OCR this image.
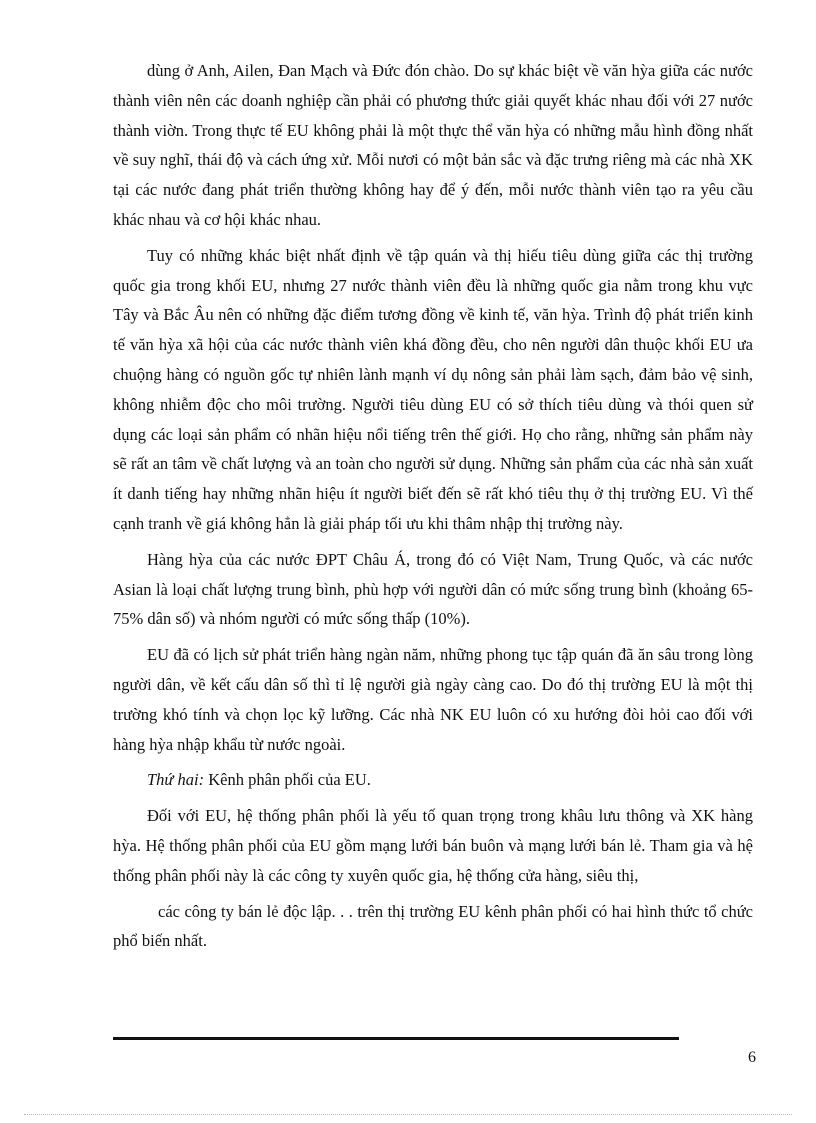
dùng ở Anh, Ailen, Đan Mạch và Đức đón chào. Do sự khác biệt về văn hỳa giữa các nước thành viên nên các doanh nghiệp cần phải có phương thức giải quyết khác nhau đối với 27 nước thành viờn. Trong thực tế EU không phải là một thực thể văn hỳa có những mẫu hình đồng nhất về suy nghĩ, thái độ và cách ứng xử. Mỗi nươi có một bản sắc và đặc trưng riêng mà các nhà XK tại các nước đang phát triển thường không hay để ý đến, mỗi nước thành viên tạo ra yêu cầu khác nhau và cơ hội khác nhau.

Tuy có những khác biệt nhất định về tập quán và thị hiếu tiêu dùng giữa các thị trường quốc gia trong khối EU, nhưng 27 nước thành viên đều là những quốc gia nằm trong khu vực Tây và Bắc Âu nên có những đặc điểm tương đồng về kinh tế, văn hỳa. Trình độ phát triển kinh tế văn hỳa xã hội của các nước thành viên khá đồng đều, cho nên người dân thuộc khối EU ưa chuộng hàng có nguồn gốc tự nhiên lành mạnh ví dụ nông sản phải làm sạch, đảm bảo vệ sinh, không nhiễm độc cho môi trường. Người tiêu dùng EU có sở thích tiêu dùng và thói quen sử dụng các loại sản phẩm có nhãn hiệu nổi tiếng trên thế giới. Họ cho rằng, những sản phẩm này sẽ rất an tâm về chất lượng và an toàn cho người sử dụng. Những sản phẩm của các nhà sản xuất ít danh tiếng hay những nhãn hiệu ít người biết đến sẽ rất khó tiêu thụ ở thị trường EU. Vì thế cạnh tranh về giá không hẳn là giải pháp tối ưu khi thâm nhập thị trường này.

Hàng hỳa của các nước ĐPT Châu Á, trong đó có Việt Nam, Trung Quốc, và các nước Asian là loại chất lượng trung bình, phù hợp với người dân có mức sống trung bình (khoảng 65-75% dân số) và nhóm người có mức sống thấp (10%).

EU đã có lịch sử phát triển hàng ngàn năm, những phong tục tập quán đã ăn sâu trong lòng người dân, về kết cấu dân số thì tỉ lệ người già ngày càng cao. Do đó thị trường EU là một thị trường khó tính và chọn lọc kỹ lưỡng. Các nhà NK EU luôn có xu hướng đòi hỏi cao đối với hàng hỳa nhập khẩu từ nước ngoài.

Thứ hai: Kênh phân phối của EU.

Đối với EU, hệ thống phân phối là yếu tố quan trọng trong khâu lưu thông và XK hàng hỳa. Hệ thống phân phối của EU gồm mạng lưới bán buôn và mạng lưới bán lẻ. Tham gia và hệ thống phân phối này là các công ty xuyên quốc gia, hệ thống cửa hàng, siêu thị,

các công ty bán lẻ độc lập. . . trên thị trường EU kênh phân phối có hai hình thức tổ chức phổ biến nhất.

6
